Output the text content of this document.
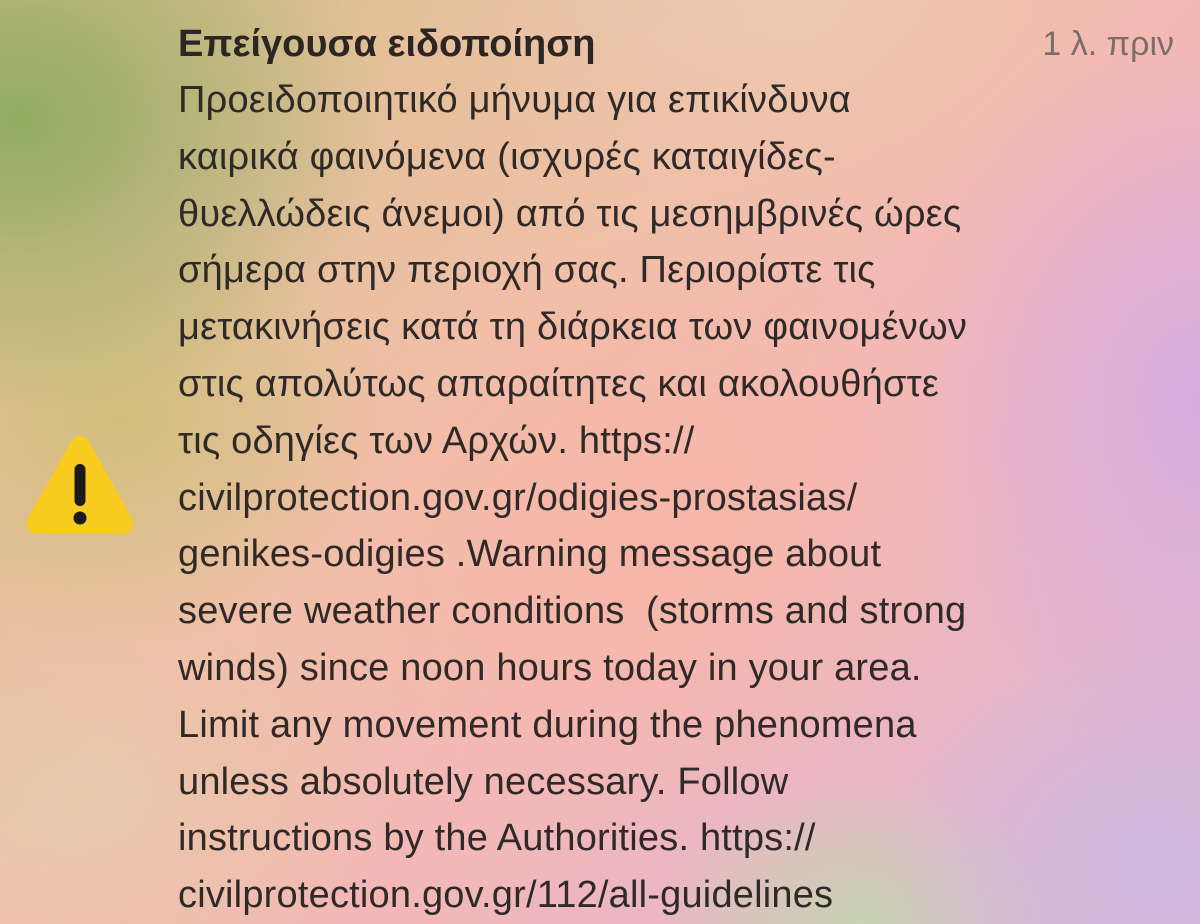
Επείγουσα ειδοποίηση	1 λ. πριν
Προειδοποιητικό μήνυμα για επικίνδυνα
καιρικά φαινόμενα (ισχυρές καταιγίδες-
θυελλώδεις άνεμοι) από τις μεσημβρινές ώρες
σήμερα στην περιοχή σας. Περιορίστε τις
μετακινήσεις κατά τη διάρκεια των φαινομένων
στις απολύτως απαραίτητες και ακολουθήστε
τις οδηγίες των Αρχών. https://
civilprotection.gov.gr/odigies-prostasias/
genikes-odigies .Warning message about
severe weather conditions  (storms and strong
winds) since noon hours today in your area.
Limit any movement during the phenomena
unless absolutely necessary. Follow
instructions by the Authorities. https://
civilprotection.gov.gr/112/all-guidelines
